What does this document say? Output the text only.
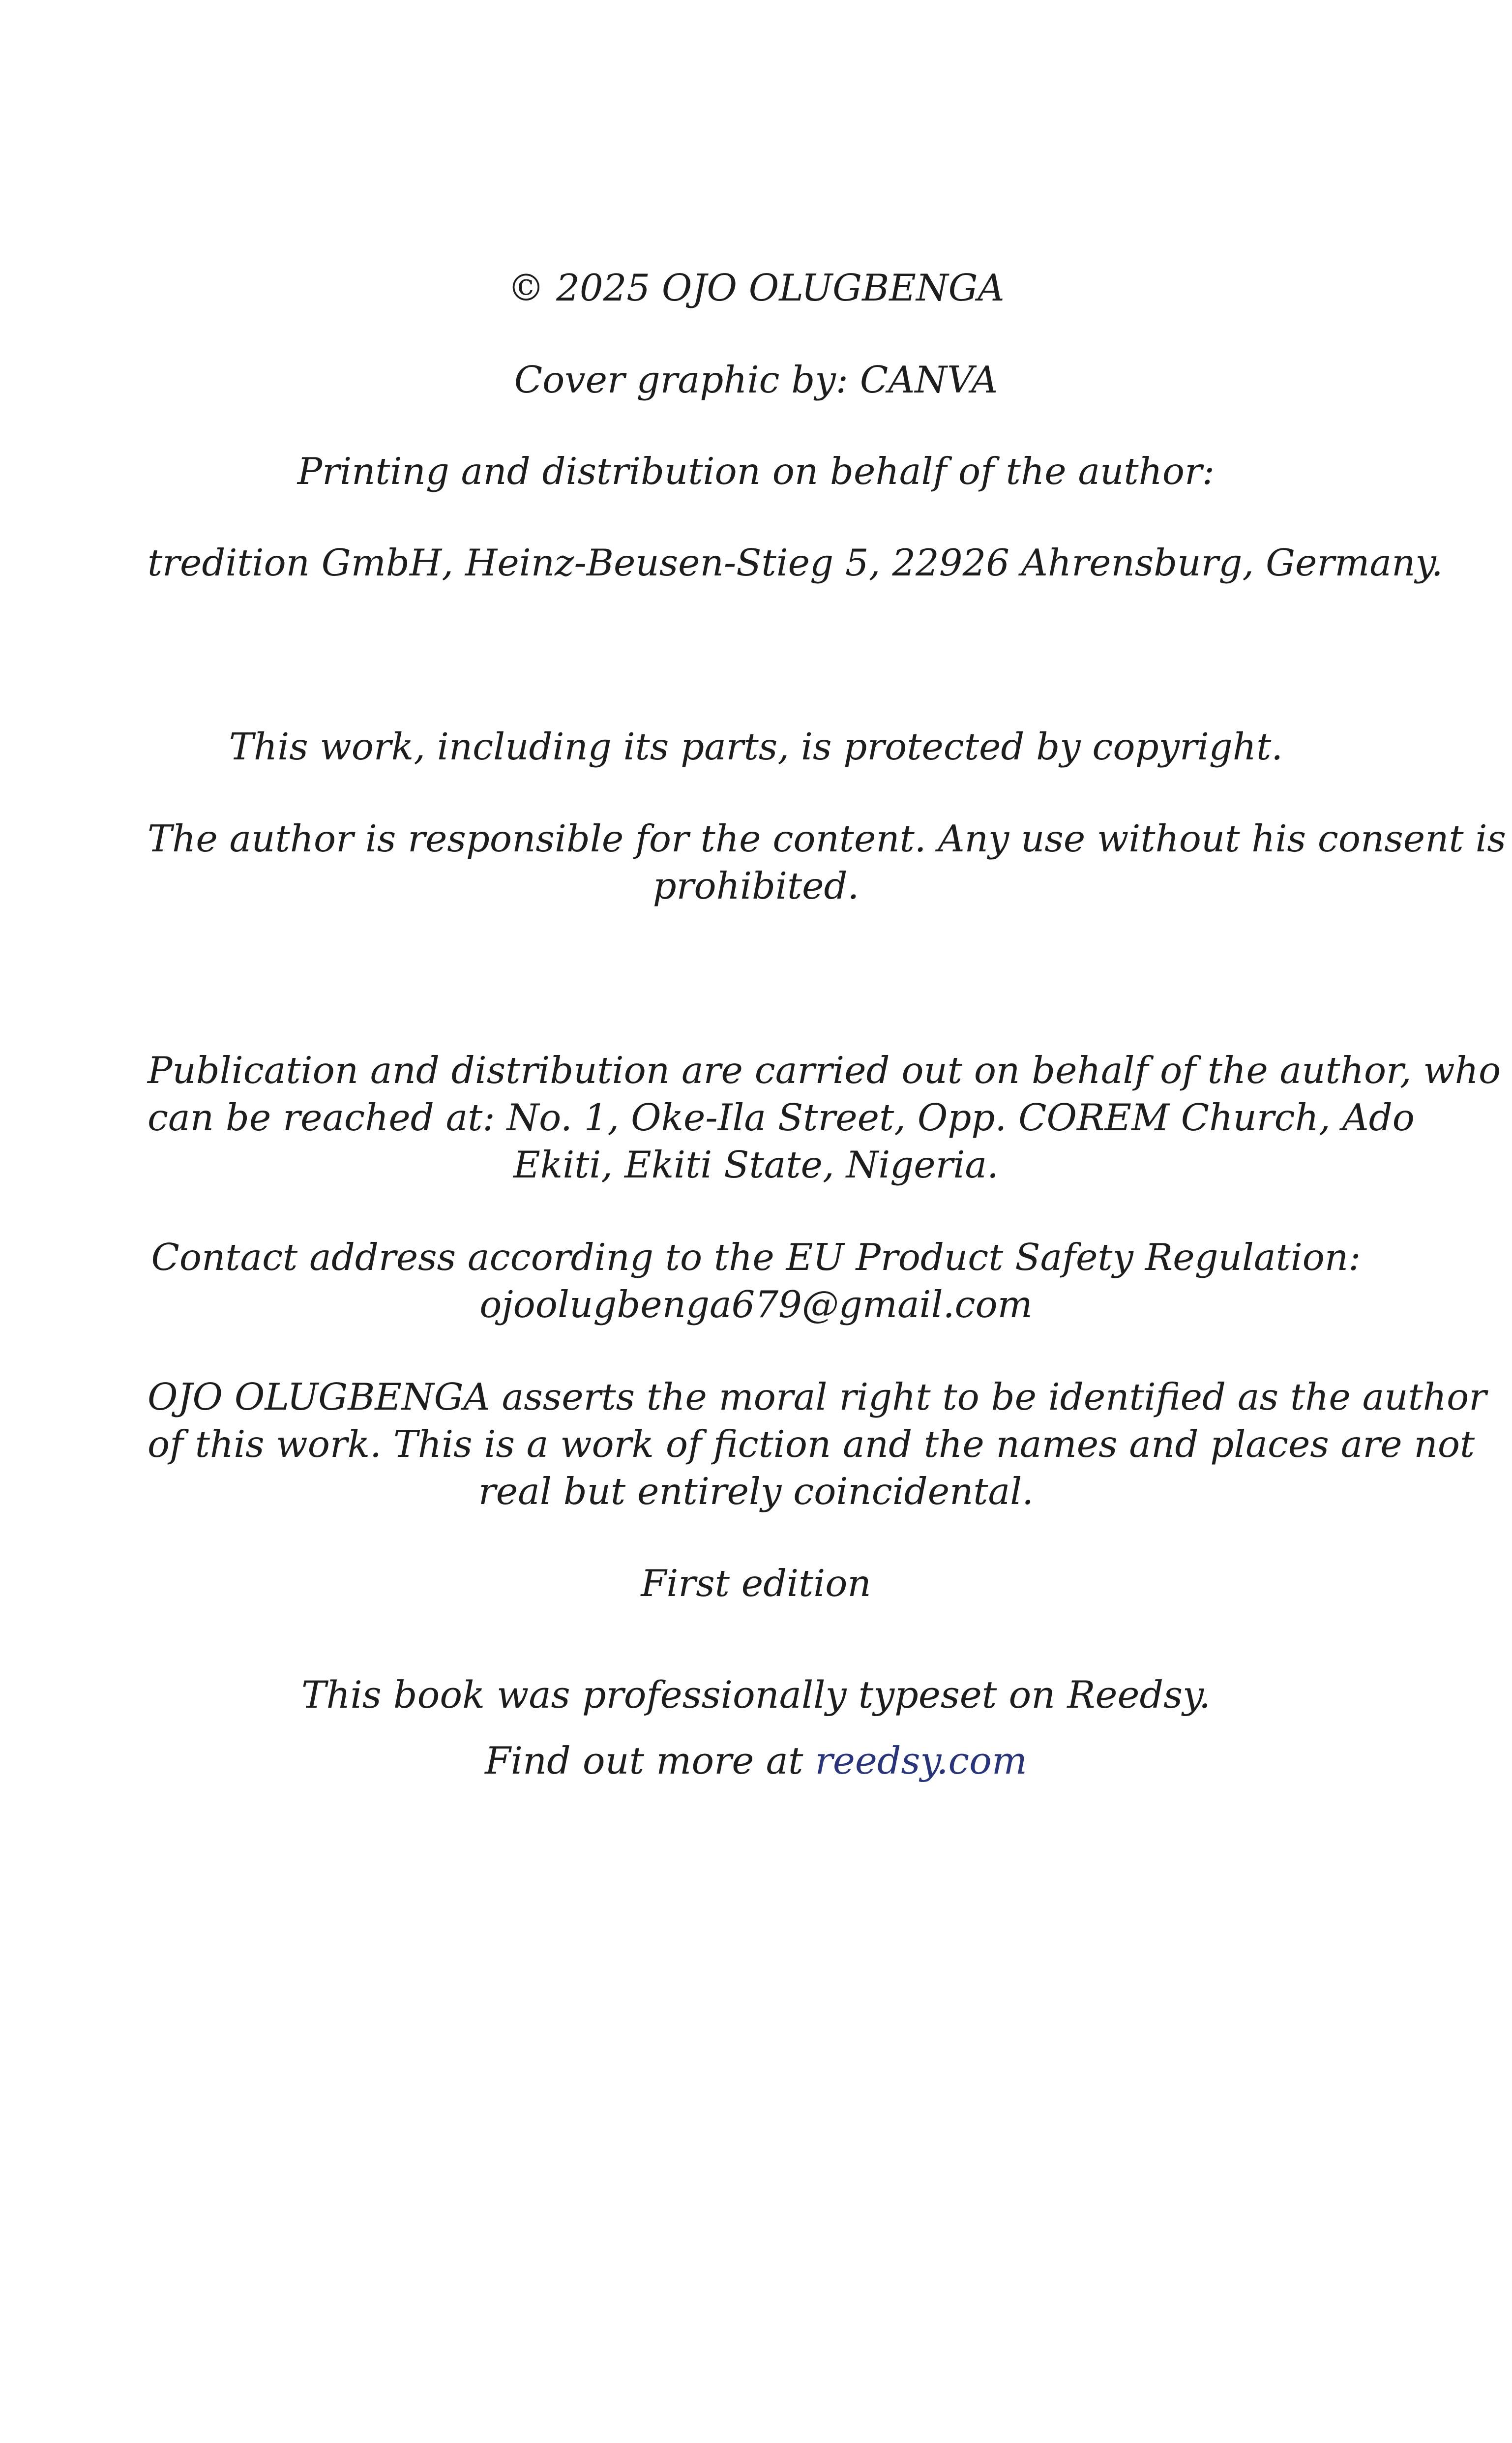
© 2025 OJO OLUGBENGA

Cover graphic by: CANVA

Printing and distribution on behalf of the author:

tredition GmbH, Heinz-Beusen-Stieg 5, 22926 Ahrensburg, Germany.

This work, including its parts, is protected by copyright.

The author is responsible for the content. Any use without his consent is
prohibited.

Publication and distribution are carried out on behalf of the author, who
can be reached at: No. 1, Oke-Ila Street, Opp. COREM Church, Ado
Ekiti, Ekiti State, Nigeria.

Contact address according to the EU Product Safety Regulation:
ojoolugbenga679@gmail.com

OJO OLUGBENGA asserts the moral right to be identified as the author
of this work. This is a work of fiction and the names and places are not
real but entirely coincidental.

First edition

This book was professionally typeset on Reedsy.

Find out more at reedsy.com
